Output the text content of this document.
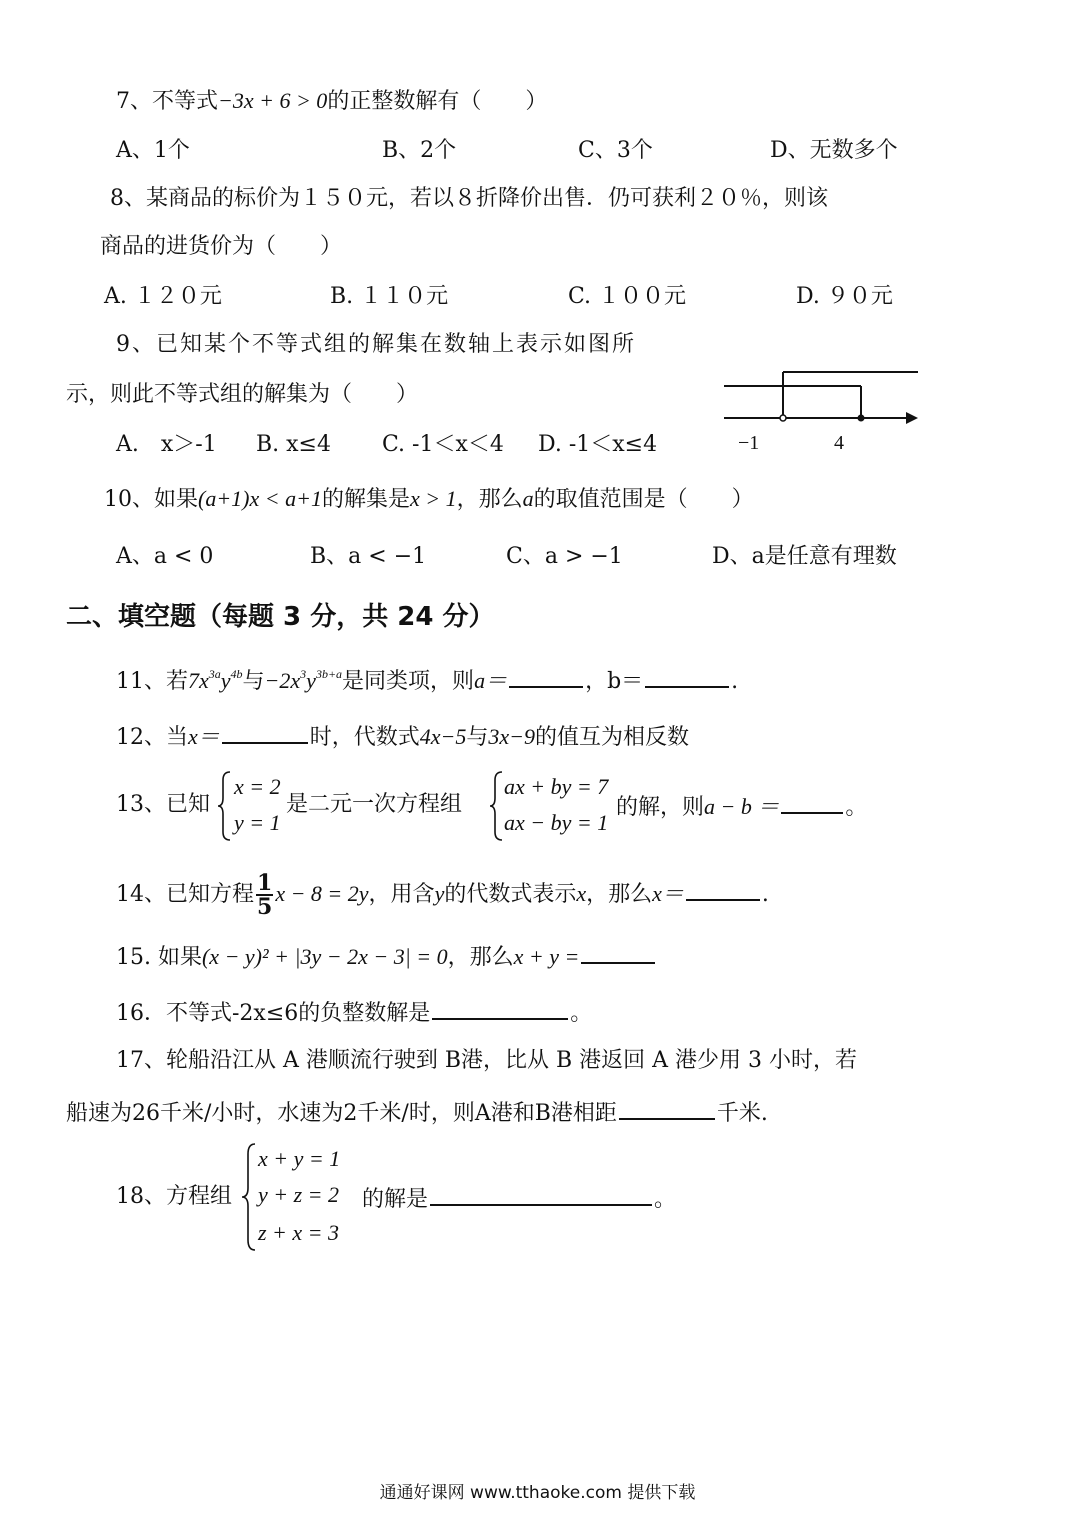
7、不等式−3x + 6 > 0的正整数解有（　　）
A、1个	B、2个	C、3个	D、无数多个
8、某商品的标价为１５０元，若以８折降价出售．仍可获利２０％，则该
商品的进货价为（　　）
A. １２０元	B. １１０元	C. １００元	D. ９０元
9、已知某个不等式组的解集在数轴上表示如图所
示，则此不等式组的解集为（　　）
A.　x＞-1 B. x≤4 C. -1＜x＜4 D. -1＜x≤4	−1	4
10、如果(a+1)x < a+1的解集是x > 1，那么a的取值范围是（　　）
A、a < 0	B、a < −1	C、a > −1	D、a是任意有理数
二、填空题（每题 3 分，共 24 分）
11、若$7x^{3a}y^{4b}$与$-2x^3y^{3b+a}$是同类项，则a＝	，b＝	.
12、当x＝	时，代数式4x−5与3x−9的值互为相反数
13、已知
x = 2
y = 1
是二元一次方程组
ax + by = 7
ax − by = 1
的解，则a − b ＝	。
14、已知方程 $\frac{1}{5}$ x − 8 = 2y，用含y的代数式表示x，那么x＝	.
15. 如果(x − y)² + |3y − 2x − 3| = 0，那么x + y =
16．不等式-2x≤6的负整数解是	。
17、轮船沿江从 A 港顺流行驶到 B港，比从 B 港返回 A 港少用 3 小时，若
船速为26千米/小时，水速为2千米/时，则A港和B港相距	千米.
18、方程组
x + y = 1
y + z = 2
z + x = 3
的解是	。
通通好课网 www.tthaoke.com 提供下载
